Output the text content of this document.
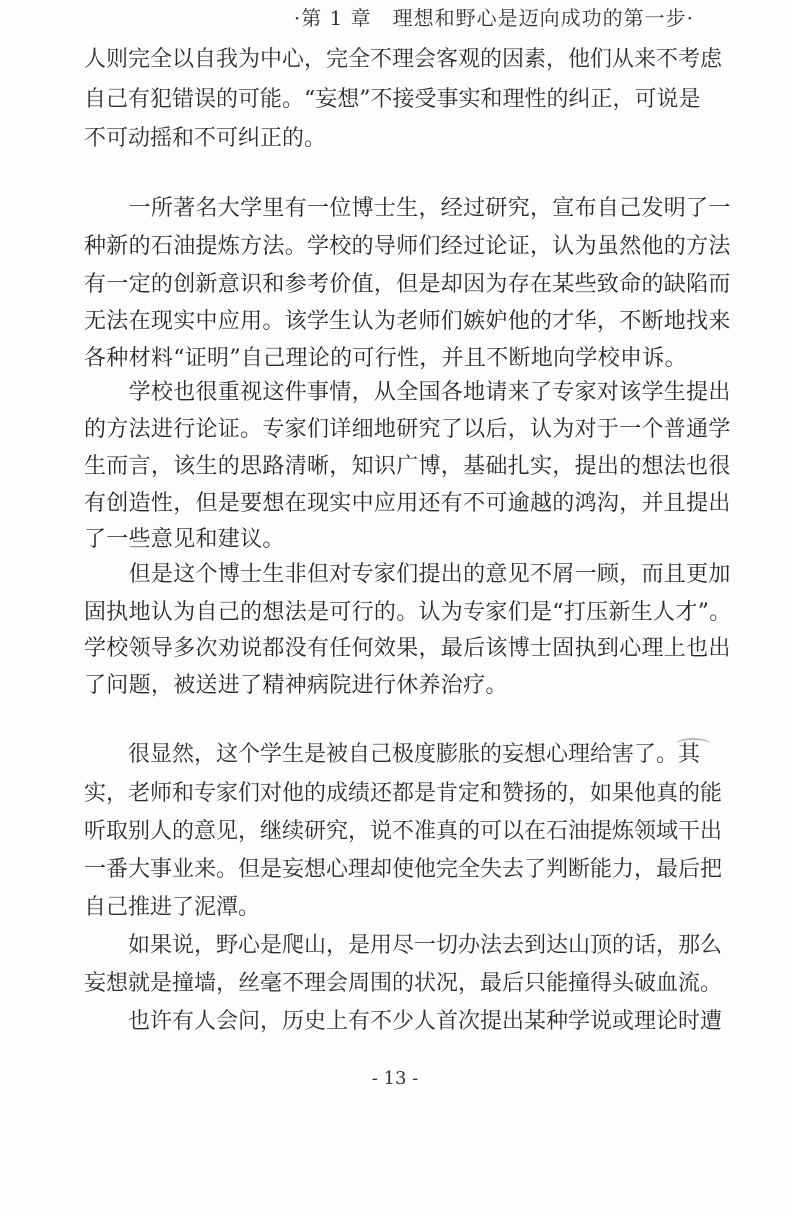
·第 1 章　理想和野心是迈向成功的第一步·
人则完全以自我为中心，完全不理会客观的因素，他们从来不考虑
自己有犯错误的可能。“妄想”不接受事实和理性的纠正，可说是
不可动摇和不可纠正的。
　　一所著名大学里有一位博士生，经过研究，宣布自己发明了一
种新的石油提炼方法。学校的导师们经过论证，认为虽然他的方法
有一定的创新意识和参考价值，但是却因为存在某些致命的缺陷而
无法在现实中应用。该学生认为老师们嫉妒他的才华，不断地找来
各种材料“证明”自己理论的可行性，并且不断地向学校申诉。
　　学校也很重视这件事情，从全国各地请来了专家对该学生提出
的方法进行论证。专家们详细地研究了以后，认为对于一个普通学
生而言，该生的思路清晰，知识广博，基础扎实，提出的想法也很
有创造性，但是要想在现实中应用还有不可逾越的鸿沟，并且提出
了一些意见和建议。
　　但是这个博士生非但对专家们提出的意见不屑一顾，而且更加
固执地认为自己的想法是可行的。认为专家们是“打压新生人才”。
学校领导多次劝说都没有任何效果，最后该博士固执到心理上也出
了问题，被送进了精神病院进行休养治疗。
　　很显然，这个学生是被自己极度膨胀的妄想心理给害了。其
实，老师和专家们对他的成绩还都是肯定和赞扬的，如果他真的能
听取别人的意见，继续研究，说不准真的可以在石油提炼领域干出
一番大事业来。但是妄想心理却使他完全失去了判断能力，最后把
自己推进了泥潭。
　　如果说，野心是爬山，是用尽一切办法去到达山顶的话，那么
妄想就是撞墙，丝毫不理会周围的状况，最后只能撞得头破血流。
　　也许有人会问，历史上有不少人首次提出某种学说或理论时遭
- 13 -
